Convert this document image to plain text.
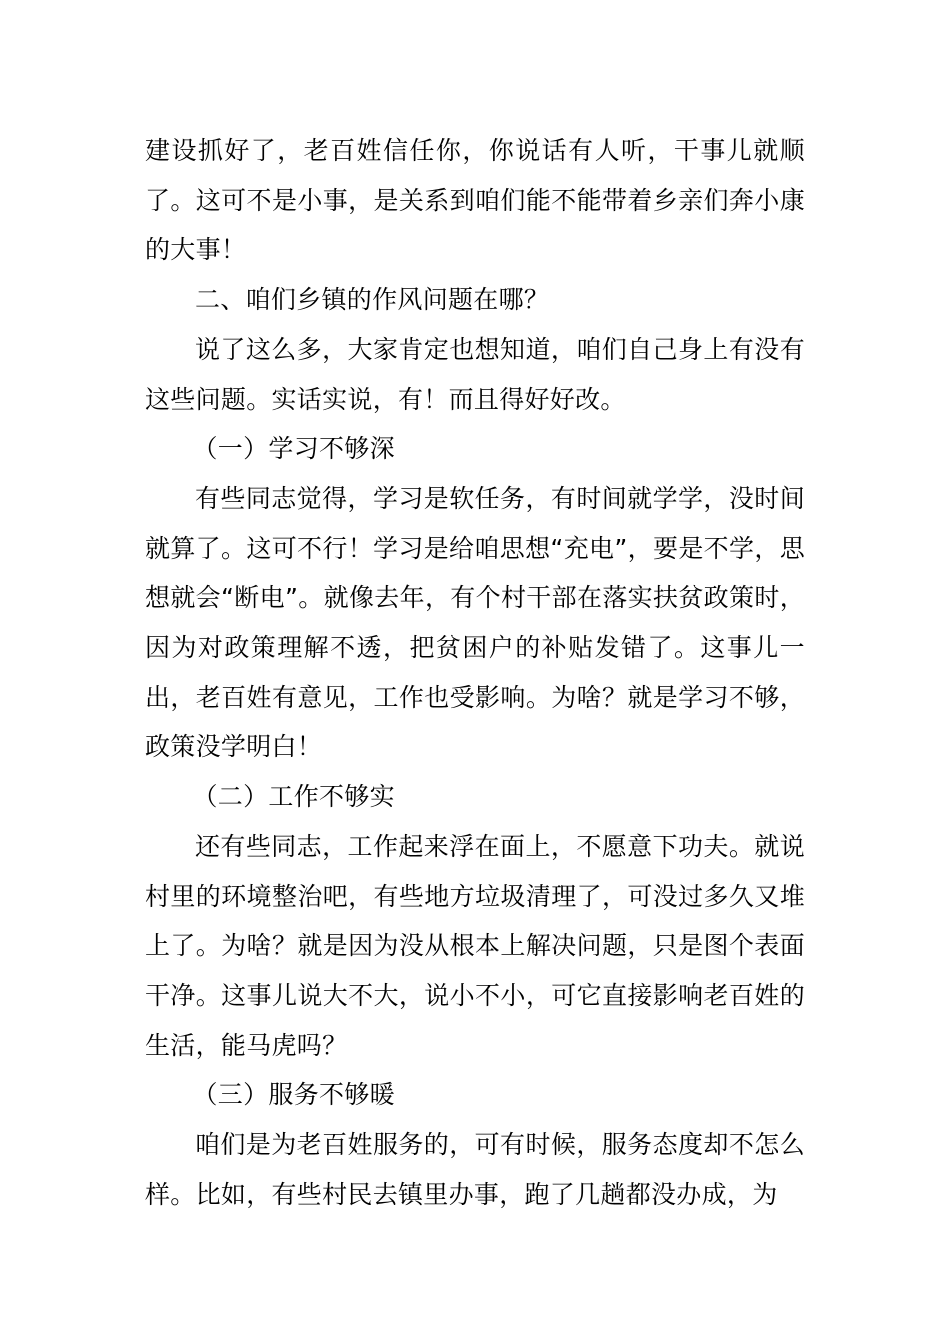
建设抓好了，老百姓信任你，你说话有人听，干事儿就顺了。这可不是小事，是关系到咱们能不能带着乡亲们奔小康的大事！

二、咱们乡镇的作风问题在哪？

说了这么多，大家肯定也想知道，咱们自己身上有没有这些问题。实话实说，有！而且得好好改。

（一）学习不够深

有些同志觉得，学习是软任务，有时间就学学，没时间就算了。这可不行！学习是给咱思想“充电”，要是不学，思想就会“断电”。就像去年，有个村干部在落实扶贫政策时，因为对政策理解不透，把贫困户的补贴发错了。这事儿一出，老百姓有意见，工作也受影响。为啥？就是学习不够，政策没学明白！

（二）工作不够实

还有些同志，工作起来浮在面上，不愿意下功夫。就说村里的环境整治吧，有些地方垃圾清理了，可没过多久又堆上了。为啥？就是因为没从根本上解决问题，只是图个表面干净。这事儿说大不大，说小不小，可它直接影响老百姓的生活，能马虎吗？

（三）服务不够暖

咱们是为老百姓服务的，可有时候，服务态度却不怎么样。比如，有些村民去镇里办事，跑了几趟都没办成，为
